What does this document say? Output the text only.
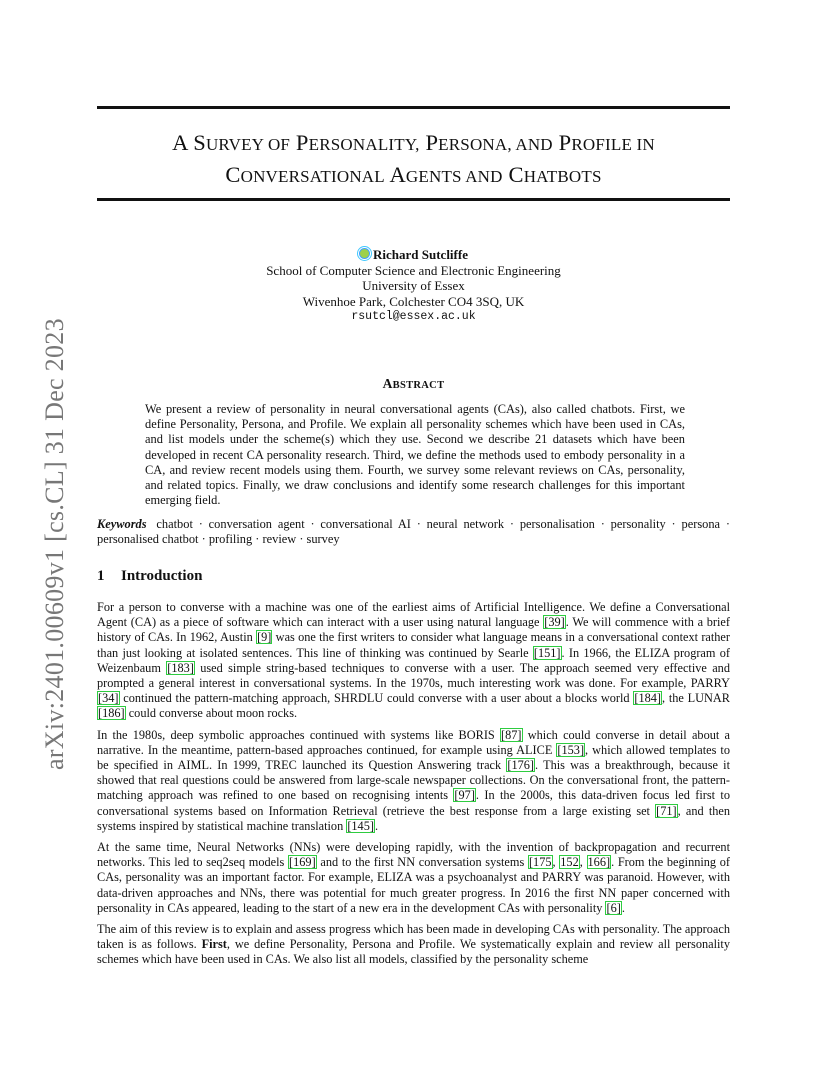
arXiv:2401.00609v1 [cs.CL] 31 Dec 2023
A SURVEY OF PERSONALITY, PERSONA, AND PROFILE IN
CONVERSATIONAL AGENTS AND CHATBOTS
Richard Sutcliffe
School of Computer Science and Electronic Engineering
University of Essex
Wivenhoe Park, Colchester CO4 3SQ, UK
rsutcl@essex.ac.uk
ABSTRACT
We present a review of personality in neural conversational agents (CAs), also called chatbots. First, we define Personality, Persona, and Profile. We explain all personality schemes which have been used in CAs, and list models under the scheme(s) which they use. Second we describe 21 datasets which have been developed in recent CA personality research. Third, we define the methods used to embody personality in a CA, and review recent models using them. Fourth, we survey some relevant reviews on CAs, personality, and related topics. Finally, we draw conclusions and identify some research challenges for this important emerging field.
Keywords chatbot · conversation agent · conversational AI · neural network · personalisation · personality · persona · personalised chatbot · profiling · review · survey
1 Introduction

For a person to converse with a machine was one of the earliest aims of Artificial Intelligence. We define a Conversational Agent (CA) as a piece of software which can interact with a user using natural language [39]. We will commence with a brief history of CAs. In 1962, Austin [9] was one the first writers to consider what language means in a conversational context rather than just looking at isolated sentences. This line of thinking was continued by Searle [151]. In 1966, the ELIZA program of Weizenbaum [183] used simple string-based techniques to converse with a user. The approach seemed very effective and prompted a general interest in conversational systems. In the 1970s, much interesting work was done. For example, PARRY [34] continued the pattern-matching approach, SHRDLU could converse with a user about a blocks world [184], the LUNAR [186] could converse about moon rocks.

In the 1980s, deep symbolic approaches continued with systems like BORIS [87] which could converse in detail about a narrative. In the meantime, pattern-based approaches continued, for example using ALICE [153], which allowed templates to be specified in AIML. In 1999, TREC launched its Question Answering track [176]. This was a breakthrough, because it showed that real questions could be answered from large-scale newspaper collections. On the conversational front, the pattern-matching approach was refined to one based on recognising intents [97]. In the 2000s, this data-driven focus led first to conversational systems based on Information Retrieval (retrieve the best response from a large existing set [71], and then systems inspired by statistical machine translation [145].

At the same time, Neural Networks (NNs) were developing rapidly, with the invention of backpropagation and recurrent networks. This led to seq2seq models [169] and to the first NN conversation systems [175, 152, 166]. From the beginning of CAs, personality was an important factor. For example, ELIZA was a psychoanalyst and PARRY was paranoid. However, with data-driven approaches and NNs, there was potential for much greater progress. In 2016 the first NN paper concerned with personality in CAs appeared, leading to the start of a new era in the development CAs with personality [6].

The aim of this review is to explain and assess progress which has been made in developing CAs with personality. The approach taken is as follows. First, we define Personality, Persona and Profile. We systematically explain and review all personality schemes which have been used in CAs. We also list all models, classified by the personality scheme
